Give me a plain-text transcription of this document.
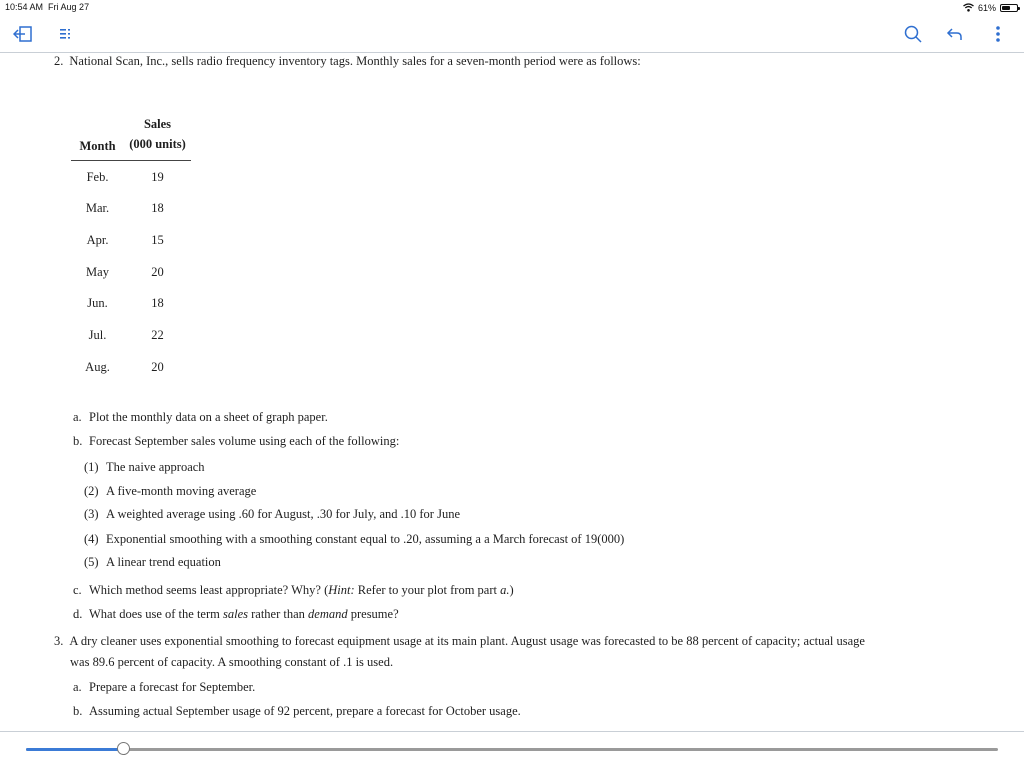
10:54 AM Fri Aug 27	61%
2. National Scan, Inc., sells radio frequency inventory tags. Monthly sales for a seven-month period were as follows:
Month	Sales
(000 units)
Feb.	19
Mar.	18
Apr.	15
May	20
Jun.	18
Jul.	22
Aug.	20
a. Plot the monthly data on a sheet of graph paper.
b. Forecast September sales volume using each of the following:
(1) The naive approach
(2) A five-month moving average
(3) A weighted average using .60 for August, .30 for July, and .10 for June
(4) Exponential smoothing with a smoothing constant equal to .20, assuming a a March forecast of 19(000)
(5) A linear trend equation
c. Which method seems least appropriate? Why? (Hint: Refer to your plot from part a.)
d. What does use of the term sales rather than demand presume?
3. A dry cleaner uses exponential smoothing to forecast equipment usage at its main plant. August usage was forecasted to be 88 percent of capacity; actual usage
was 89.6 percent of capacity. A smoothing constant of .1 is used.
a. Prepare a forecast for September.
b. Assuming actual September usage of 92 percent, prepare a forecast for October usage.
